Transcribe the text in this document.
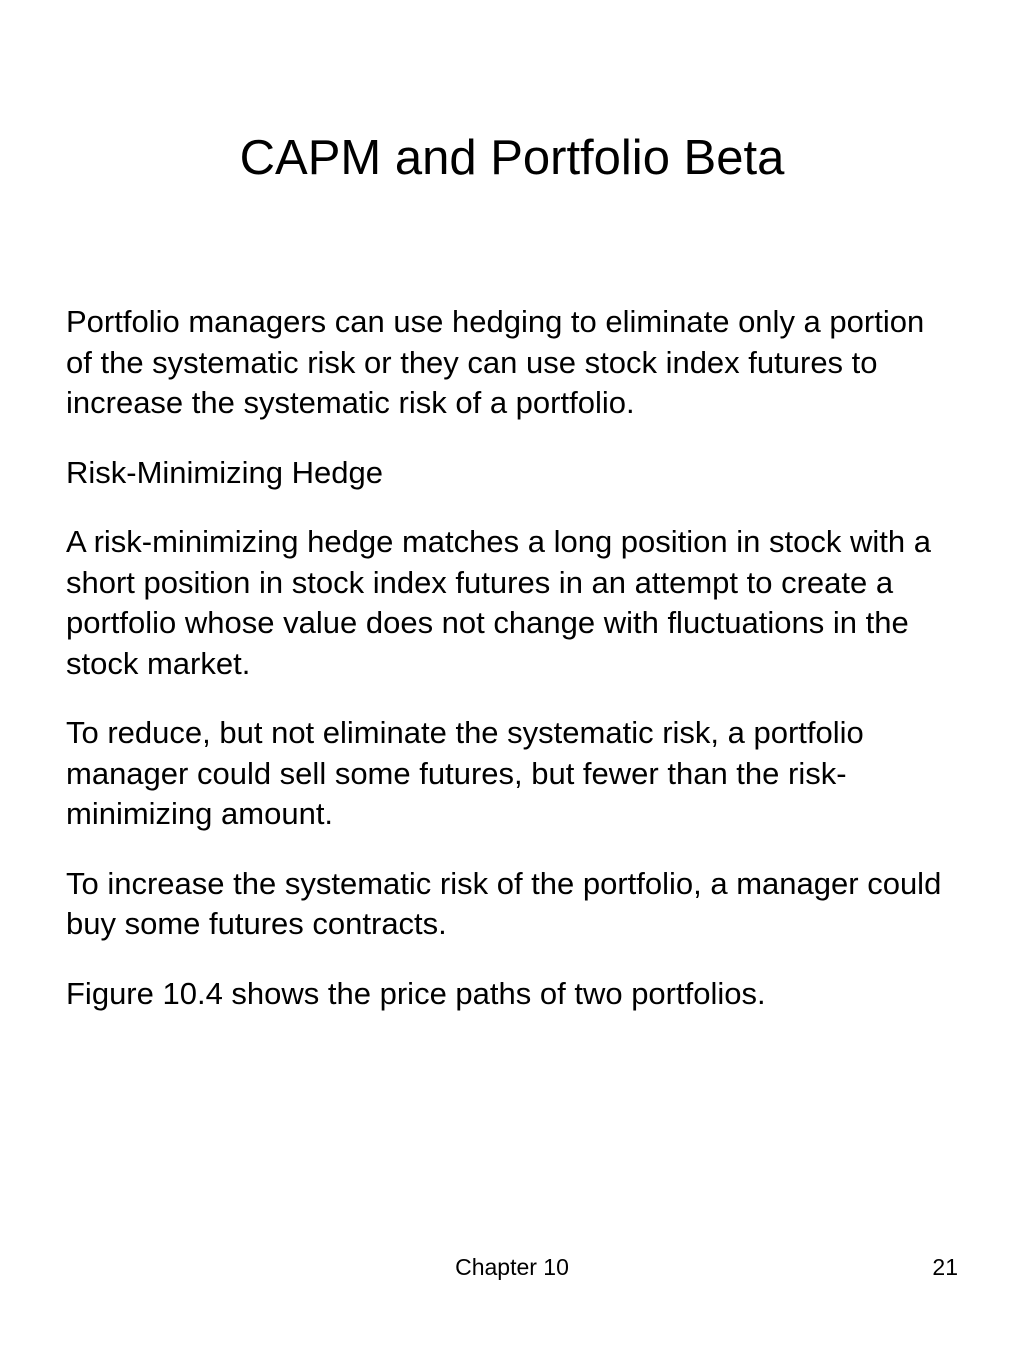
CAPM and Portfolio Beta

Portfolio managers can use hedging to eliminate only a portion of the systematic risk or they can use stock index futures to increase the systematic risk of a portfolio.

Risk-Minimizing Hedge

A risk-minimizing hedge matches a long position in stock with a short position in stock index futures in an attempt to create a portfolio whose value does not change with fluctuations in the stock market.

To reduce, but not eliminate the systematic risk, a portfolio manager could sell some futures, but fewer than the risk-minimizing amount.

To increase the systematic risk of the portfolio, a manager could buy some futures contracts.

Figure 10.4 shows the price paths of two portfolios.

Chapter 10	21
